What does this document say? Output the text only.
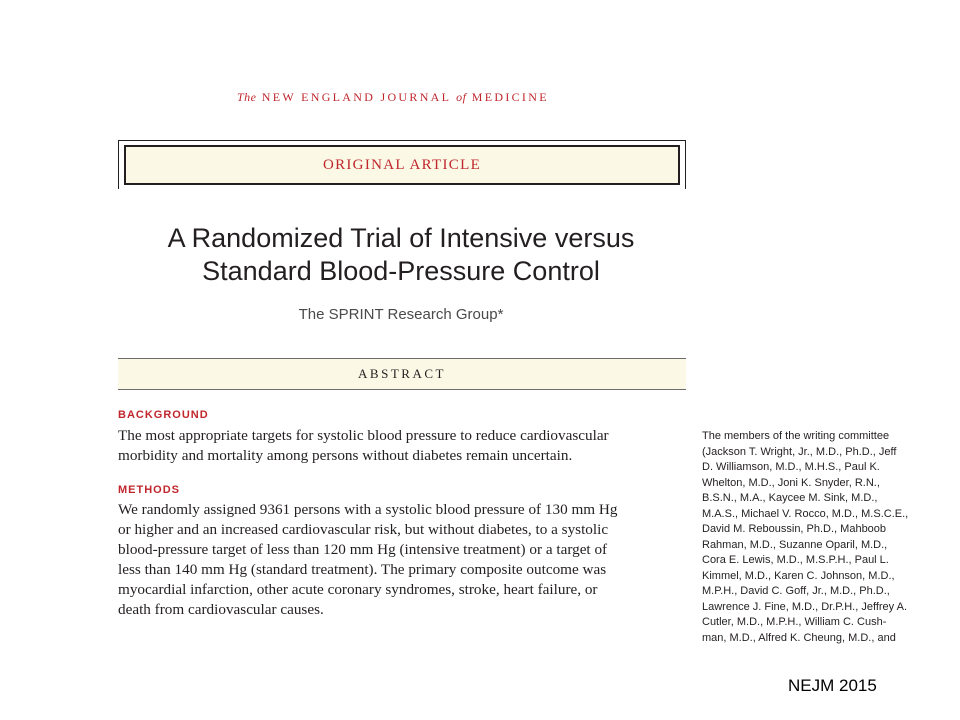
The NEW ENGLAND JOURNAL of MEDICINE
ORIGINAL ARTICLE
A Randomized Trial of Intensive versus
Standard Blood-Pressure Control
The SPRINT Research Group*
ABSTRACT
BACKGROUND
The most appropriate targets for systolic blood pressure to reduce cardiovascular
morbidity and mortality among persons without diabetes remain uncertain.
METHODS
We randomly assigned 9361 persons with a systolic blood pressure of 130 mm Hg
or higher and an increased cardiovascular risk, but without diabetes, to a systolic
blood-pressure target of less than 120 mm Hg (intensive treatment) or a target of
less than 140 mm Hg (standard treatment). The primary composite outcome was
myocardial infarction, other acute coronary syndromes, stroke, heart failure, or
death from cardiovascular causes.
The members of the writing committee
(Jackson T. Wright, Jr., M.D., Ph.D., Jeff
D. Williamson, M.D., M.H.S., Paul K.
Whelton, M.D., Joni K. Snyder, R.N.,
B.S.N., M.A., Kaycee M. Sink, M.D.,
M.A.S., Michael V. Rocco, M.D., M.S.C.E.,
David M. Reboussin, Ph.D., Mahboob
Rahman, M.D., Suzanne Oparil, M.D.,
Cora E. Lewis, M.D., M.S.P.H., Paul L.
Kimmel, M.D., Karen C. Johnson, M.D.,
M.P.H., David C. Goff, Jr., M.D., Ph.D.,
Lawrence J. Fine, M.D., Dr.P.H., Jeffrey A.
Cutler, M.D., M.P.H., William C. Cush-
man, M.D., Alfred K. Cheung, M.D., and
NEJM 2015
